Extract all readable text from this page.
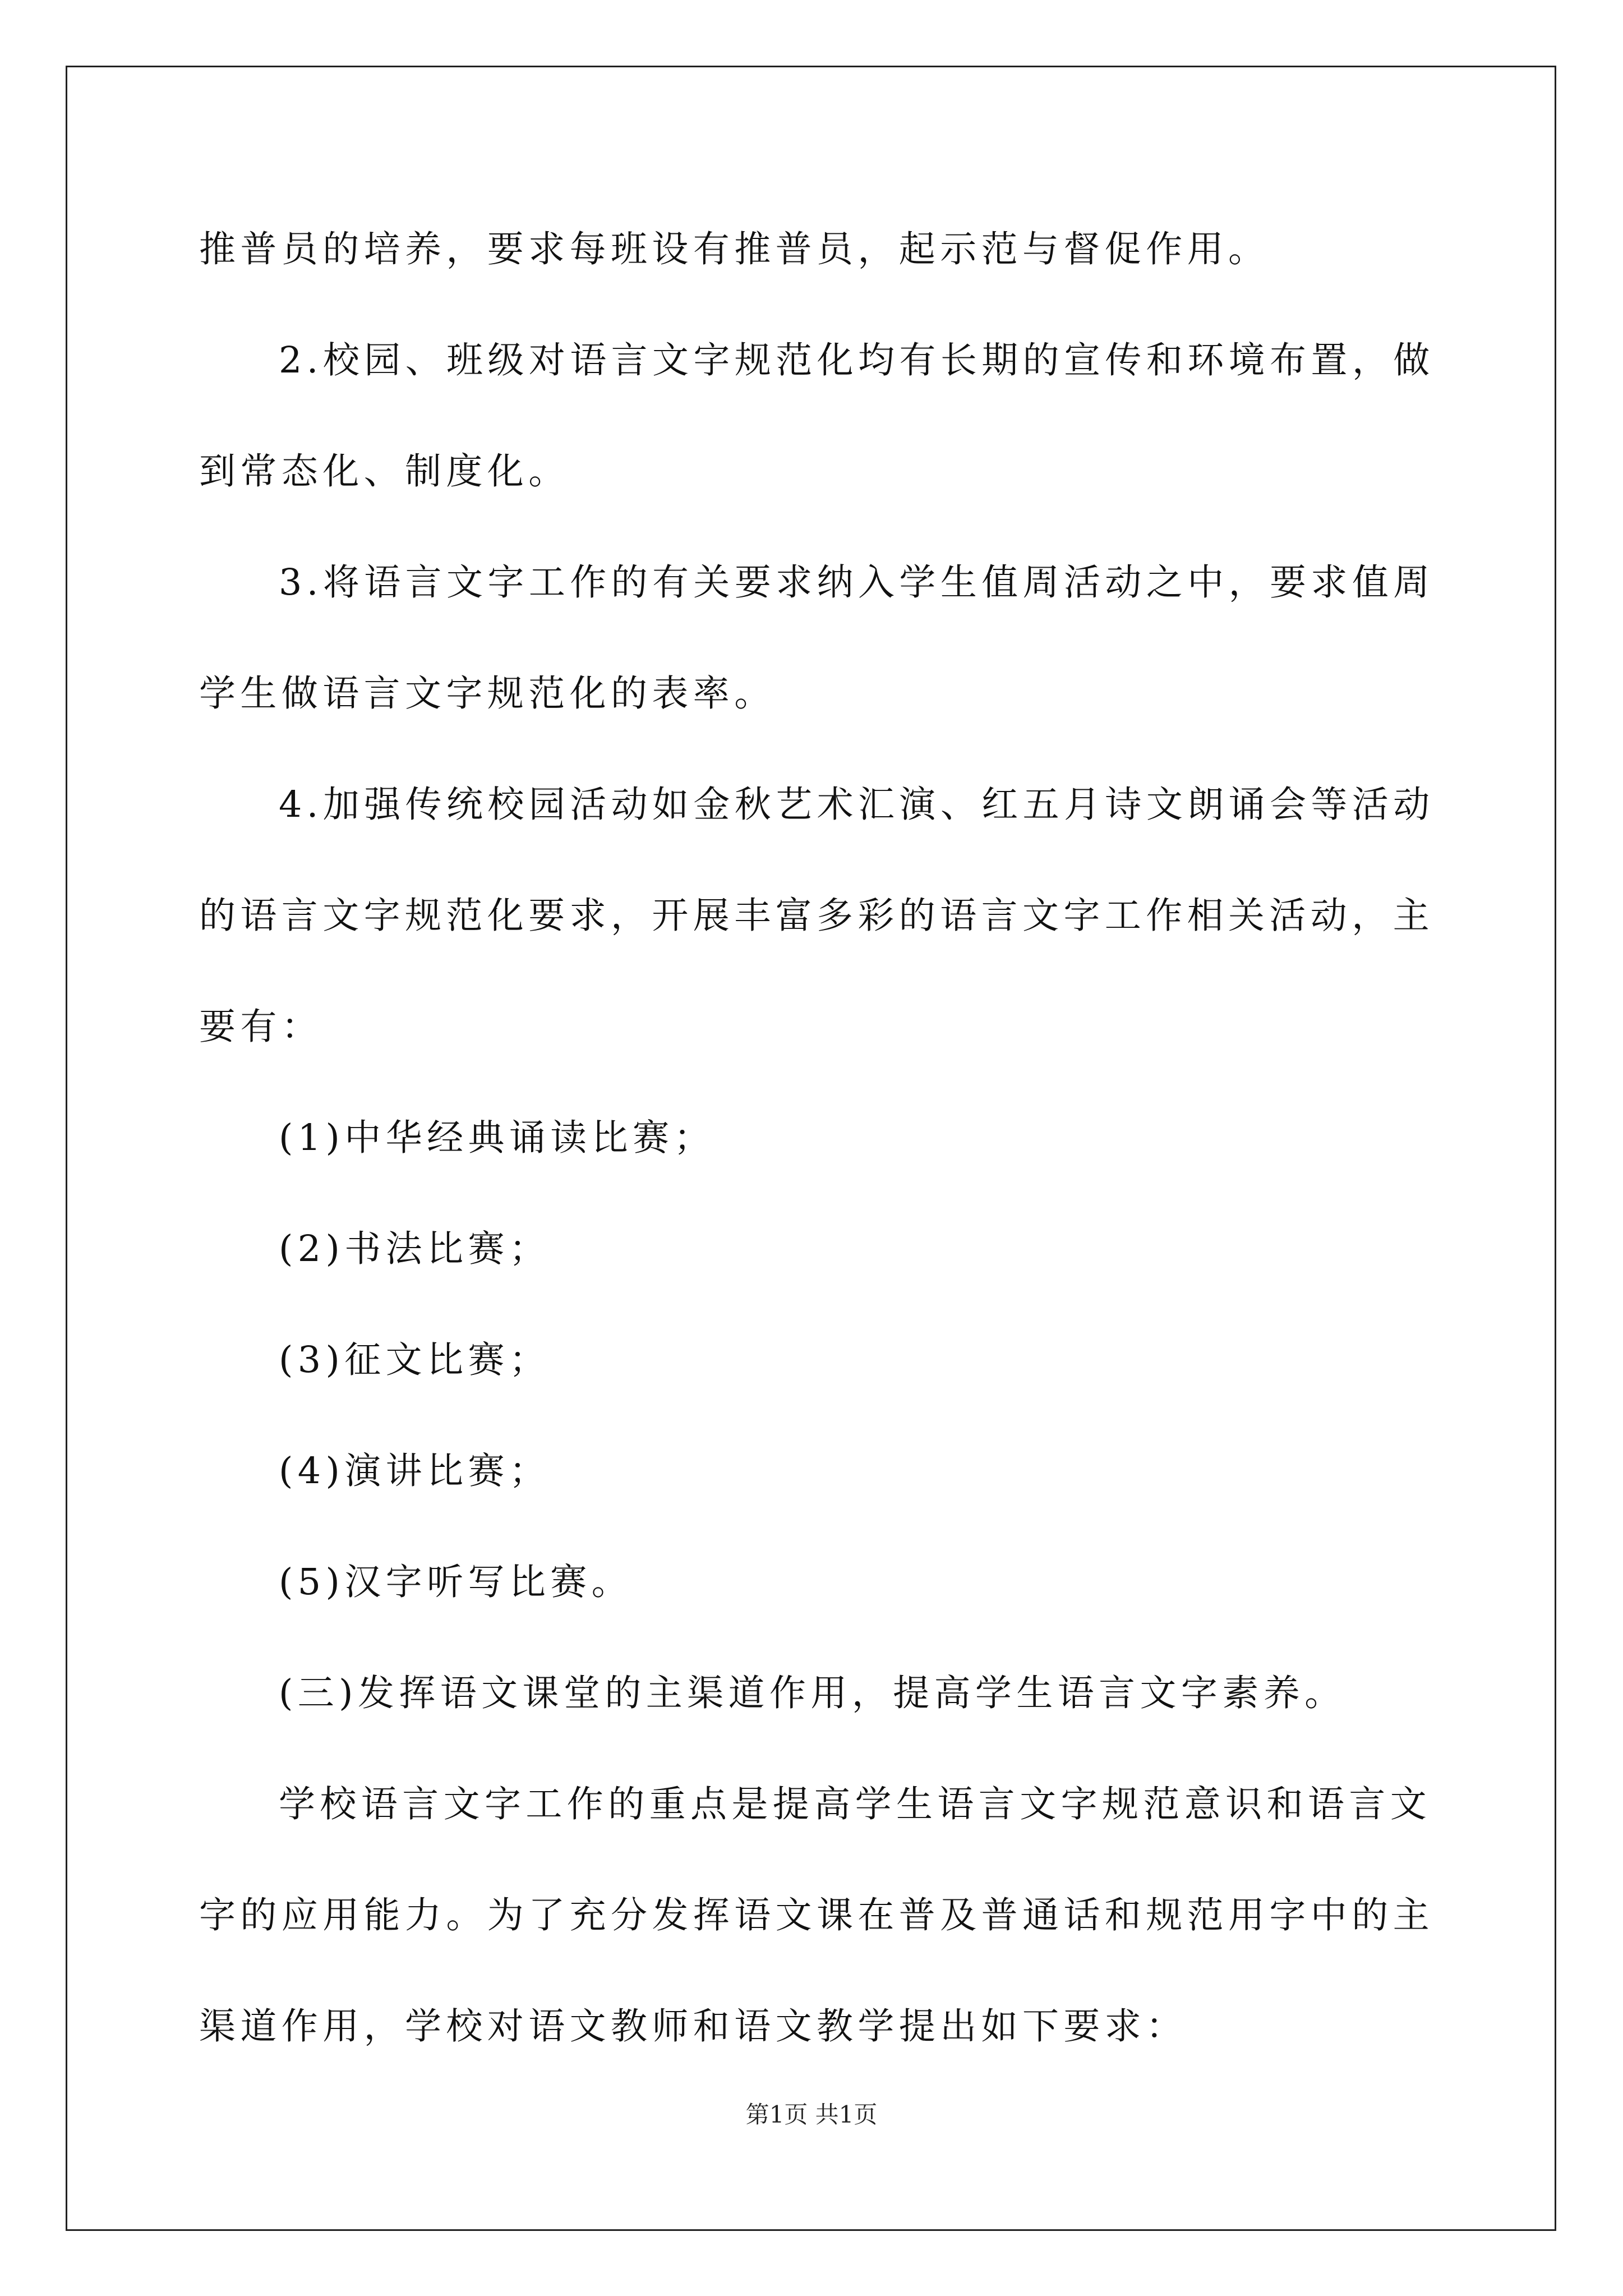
推普员的培养，要求每班设有推普员，起示范与督促作用。
2.校园、班级对语言文字规范化均有长期的宣传和环境布置，做
到常态化、制度化。
3.将语言文字工作的有关要求纳入学生值周活动之中，要求值周
学生做语言文字规范化的表率。
4.加强传统校园活动如金秋艺术汇演、红五月诗文朗诵会等活动
的语言文字规范化要求，开展丰富多彩的语言文字工作相关活动，主
要有：
(1)中华经典诵读比赛；
(2)书法比赛；
(3)征文比赛；
(4)演讲比赛；
(5)汉字听写比赛。
(三)发挥语文课堂的主渠道作用，提高学生语言文字素养。
学校语言文字工作的重点是提高学生语言文字规范意识和语言文
字的应用能力。为了充分发挥语文课在普及普通话和规范用字中的主
渠道作用，学校对语文教师和语文教学提出如下要求：
第1页 共1页
